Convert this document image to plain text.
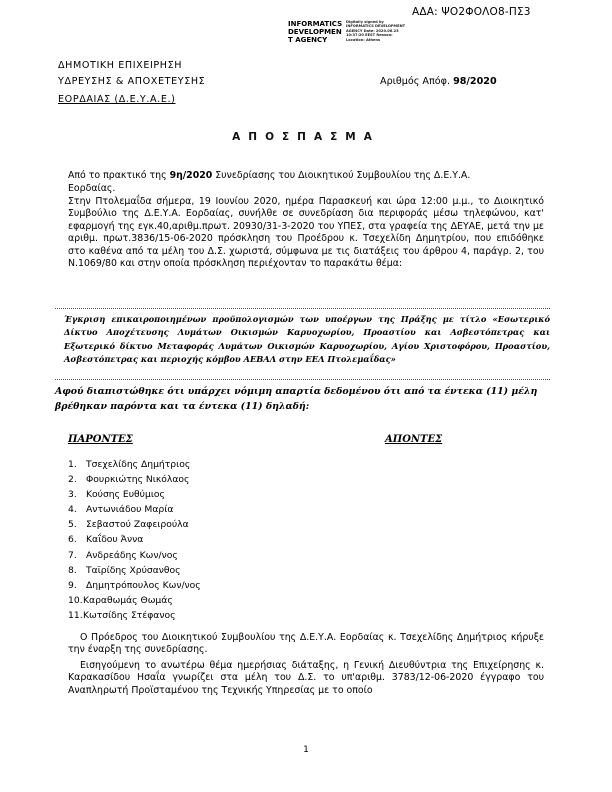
ΑΔΑ: ΨΟ2ΦΟΛΟ8-ΠΣ3
INFORMATICS
DEVELOPMEN
T AGENCY
Digitally signed by INFORMATICS DEVELOPMENT AGENCY Date: 2020.06.23 10:37:20 EEST Reason: Location: Athens
ΔΗΜΟΤΙΚΗ ΕΠΙΧΕΙΡΗΣΗ
ΥΔΡΕΥΣΗΣ & ΑΠΟΧΕΤΕΥΣΗΣ
ΕΟΡΔΑΙΑΣ (Δ.Ε.Υ.Α.Ε.)
Αριθμός Απόφ. 98/2020
ΑΠΟΣΠΑΣΜΑ
Από το πρακτικό της 9η/2020 Συνεδρίασης του Διοικητικού Συμβουλίου της Δ.Ε.Υ.Α.
Εορδαίας.
Στην Πτολεμαΐδα σήμερα, 19 Ιουνίου 2020, ημέρα Παρασκευή και ώρα 12:00 μ.μ., το Διοικητικό Συμβούλιο της Δ.Ε.Υ.Α. Εορδαίας, συνήλθε σε συνεδρίαση δια περιφοράς μέσω τηλεφώνου, κατ' εφαρμογή της εγκ.40,αριθμ.πρωτ. 20930/31-3-2020 του ΥΠΕΣ, στα γραφεία της ΔΕΥΑΕ, μετά την με αριθμ. πρωτ.3836/15-06-2020 πρόσκληση του Προέδρου κ. Τσεχελίδη Δημητρίου, που επιδόθηκε στο καθένα από τα μέλη του Δ.Σ. χωριστά, σύμφωνα με τις διατάξεις του άρθρου 4, παράγρ. 2, του Ν.1069/80 και στην οποία πρόσκληση περιέχονταν το παρακάτω θέμα:
Έγκριση επικαιροποιημένων προϋπολογισμών των υποέργων της Πράξης με τίτλο «Εσωτερικό Δίκτυο Αποχέτευσης Λυμάτων Οικισμών Καρυοχωρίου, Προαστίου και Ασβεστόπετρας και Εξωτερικό δίκτυο Μεταφοράς Λυμάτων Οικισμών Καρυοχωρίου, Αγίου Χριστοφόρου, Προαστίου, Ασβεστόπετρας και περιοχής κόμβου ΑΕΒΑΛ στην ΕΕΛ Πτολεμαΐδας»
Αφού διαπιστώθηκε ότι υπάρχει νόμιμη απαρτία δεδομένου ότι από τα έντεκα (11) μέλη βρέθηκαν παρόντα και τα έντεκα (11) δηλαδή:
ΠΑΡΟΝΤΕΣ	ΑΠΟΝΤΕΣ
1. Τσεχελίδης Δημήτριος
2. Φουρκιώτης Νικόλαος
3. Κούσης Ευθύμιος
4. Αντωνιάδου Μαρία
5. Σεβαστού Ζαφειρούλα
6. Καΐδου Άννα
7. Ανδρεάδης Κων/νος
8. Ταϊρίδης Χρύσανθος
9. Δημητρόπουλος Κων/νος
10.Καραθωμάς Θωμάς
11.Κωτσίδης Στέφανος
Ο Πρόεδρος του Διοικητικού Συμβουλίου της Δ.Ε.Υ.Α. Εορδαίας κ. Τσεχελίδης Δημήτριος κήρυξε την έναρξη της συνεδρίασης.
Εισηγούμενη το ανωτέρω θέμα ημερήσιας διάταξης, η Γενική Διευθύντρια της Επιχείρησης κ. Καρακασίδου Ησαΐα γνωρίζει στα μέλη του Δ.Σ. το υπ'αριθμ. 3783/12-06-2020 έγγραφο του Αναπληρωτή Προϊσταμένου της Τεχνικής Υπηρεσίας με το οποίο
1
